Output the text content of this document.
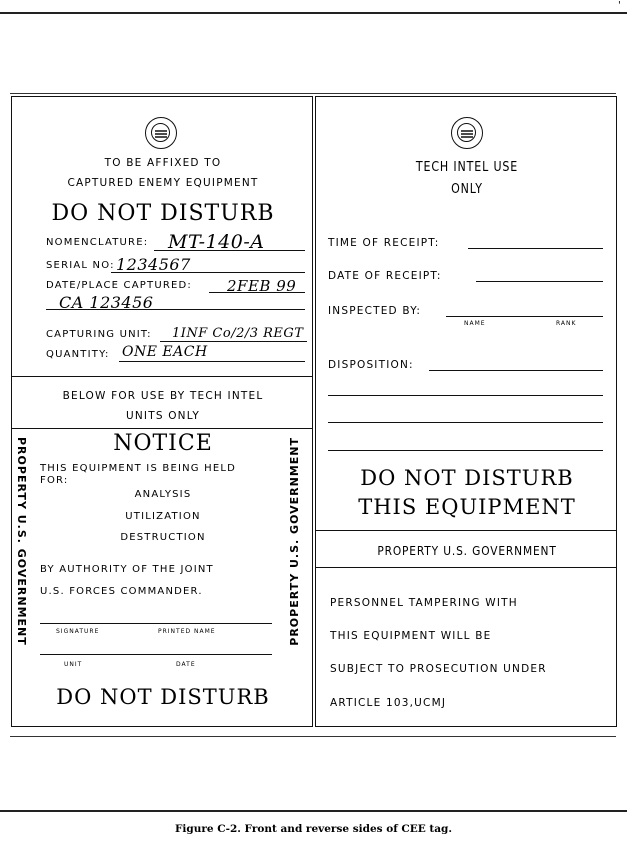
'
TO BE AFFIXED TO
CAPTURED ENEMY EQUIPMENT
DO NOT DISTURB
NOMENCLATURE: MT-140-A
SERIAL NO: 1234567
DATE/PLACE CAPTURED: 2FEB 99
CA 123456
CAPTURING UNIT: 1INF Co/2/3 REGT
QUANTITY: ONE EACH
BELOW FOR USE BY TECH INTEL
UNITS ONLY
PROPERTY U.S. GOVERNMENT	PROPERTY U.S. GOVERNMENT
NOTICE
THIS EQUIPMENT IS BEING HELD
FOR:
ANALYSIS
UTILIZATION
DESTRUCTION
BY AUTHORITY OF THE JOINT
U.S. FORCES COMMANDER.
SIGNATURE	PRINTED NAME
UNIT	DATE
DO NOT DISTURB
TECH INTEL USE
ONLY
TIME OF RECEIPT:
DATE OF RECEIPT:
INSPECTED BY:
NAME	RANK
DISPOSITION:
DO NOT DISTURB
THIS EQUIPMENT
PROPERTY U.S. GOVERNMENT
PERSONNEL TAMPERING WITH
THIS EQUIPMENT WILL BE
SUBJECT TO PROSECUTION UNDER
ARTICLE 103,UCMJ
Figure C-2. Front and reverse sides of CEE tag.
